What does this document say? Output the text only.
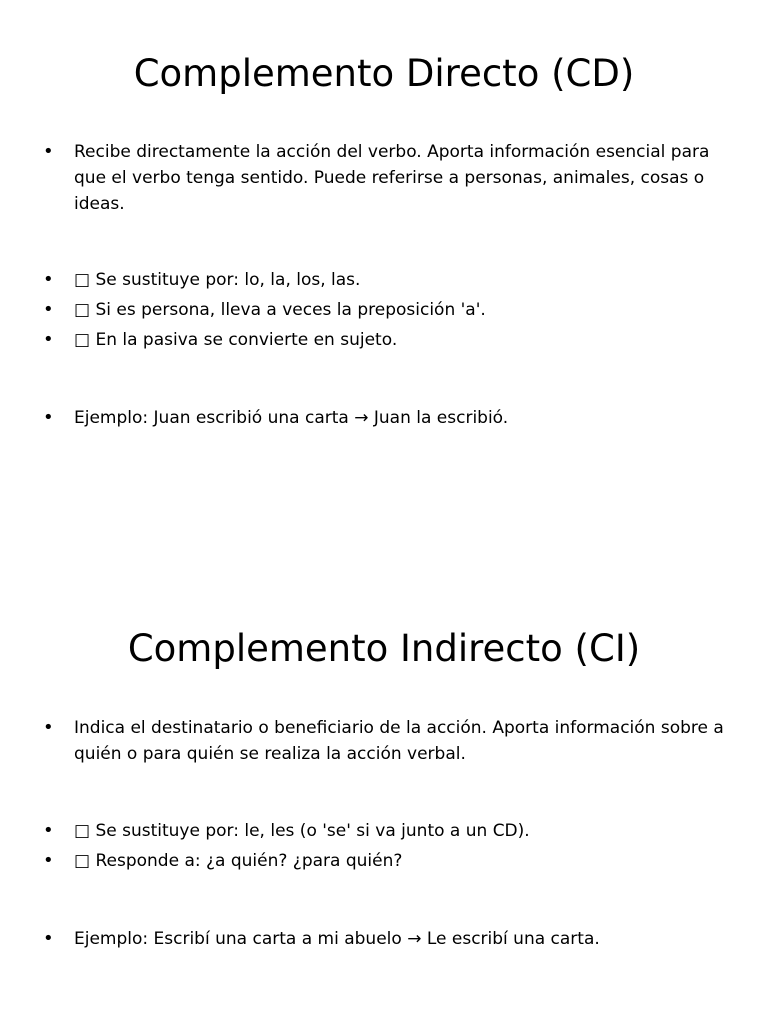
Complemento Directo (CD)
• Recibe directamente la acción del verbo. Aporta información esencial para que el verbo tenga sentido. Puede referirse a personas, animales, cosas o ideas.

• □ Se sustituye por: lo, la, los, las.

• □ Si es persona, lleva a veces la preposición 'a'.

• □ En la pasiva se convierte en sujeto.

• Ejemplo: Juan escribió una carta → Juan la escribió.

Complemento Indirecto (CI)
• Indica el destinatario o beneficiario de la acción. Aporta información sobre a quién o para quién se realiza la acción verbal.

• □ Se sustituye por: le, les (o 'se' si va junto a un CD).

• □ Responde a: ¿a quién? ¿para quién?

• Ejemplo: Escribí una carta a mi abuelo → Le escribí una carta.
